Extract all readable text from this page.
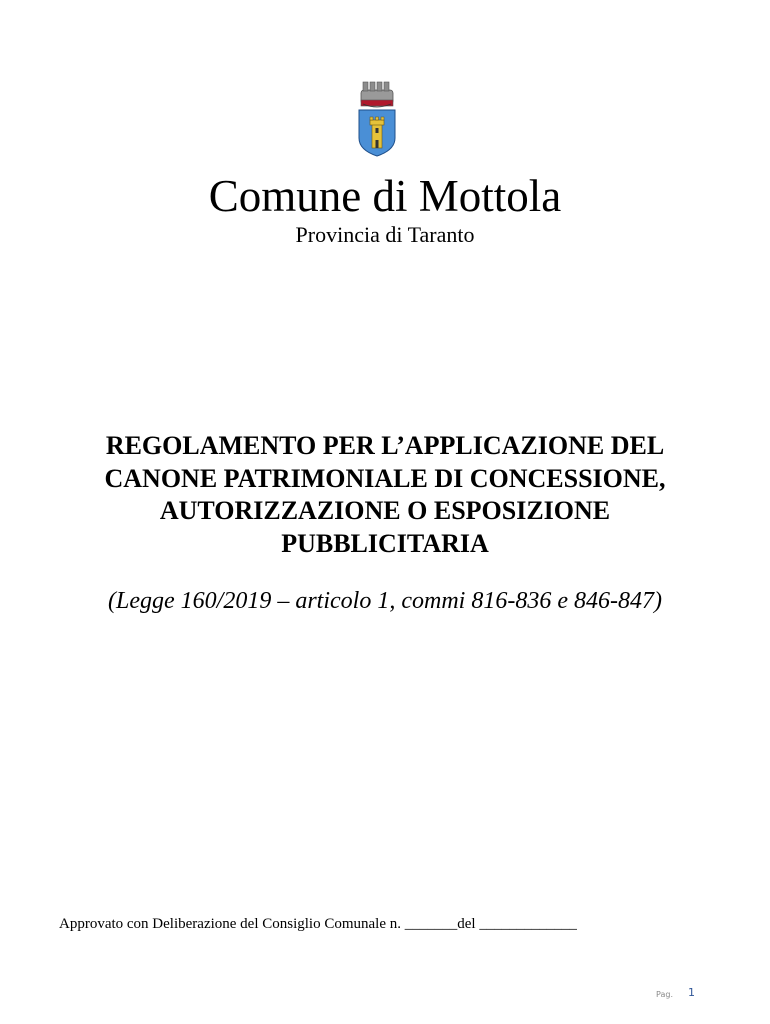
Comune di Mottola
Provincia di Taranto
REGOLAMENTO PER L’APPLICAZIONE DEL
CANONE PATRIMONIALE DI CONCESSIONE,
AUTORIZZAZIONE O ESPOSIZIONE
PUBBLICITARIA
(Legge 160/2019 – articolo 1, commi 816-836 e 846-847)
Approvato con Deliberazione del Consiglio Comunale n. _______del _____________
Pag. 1
